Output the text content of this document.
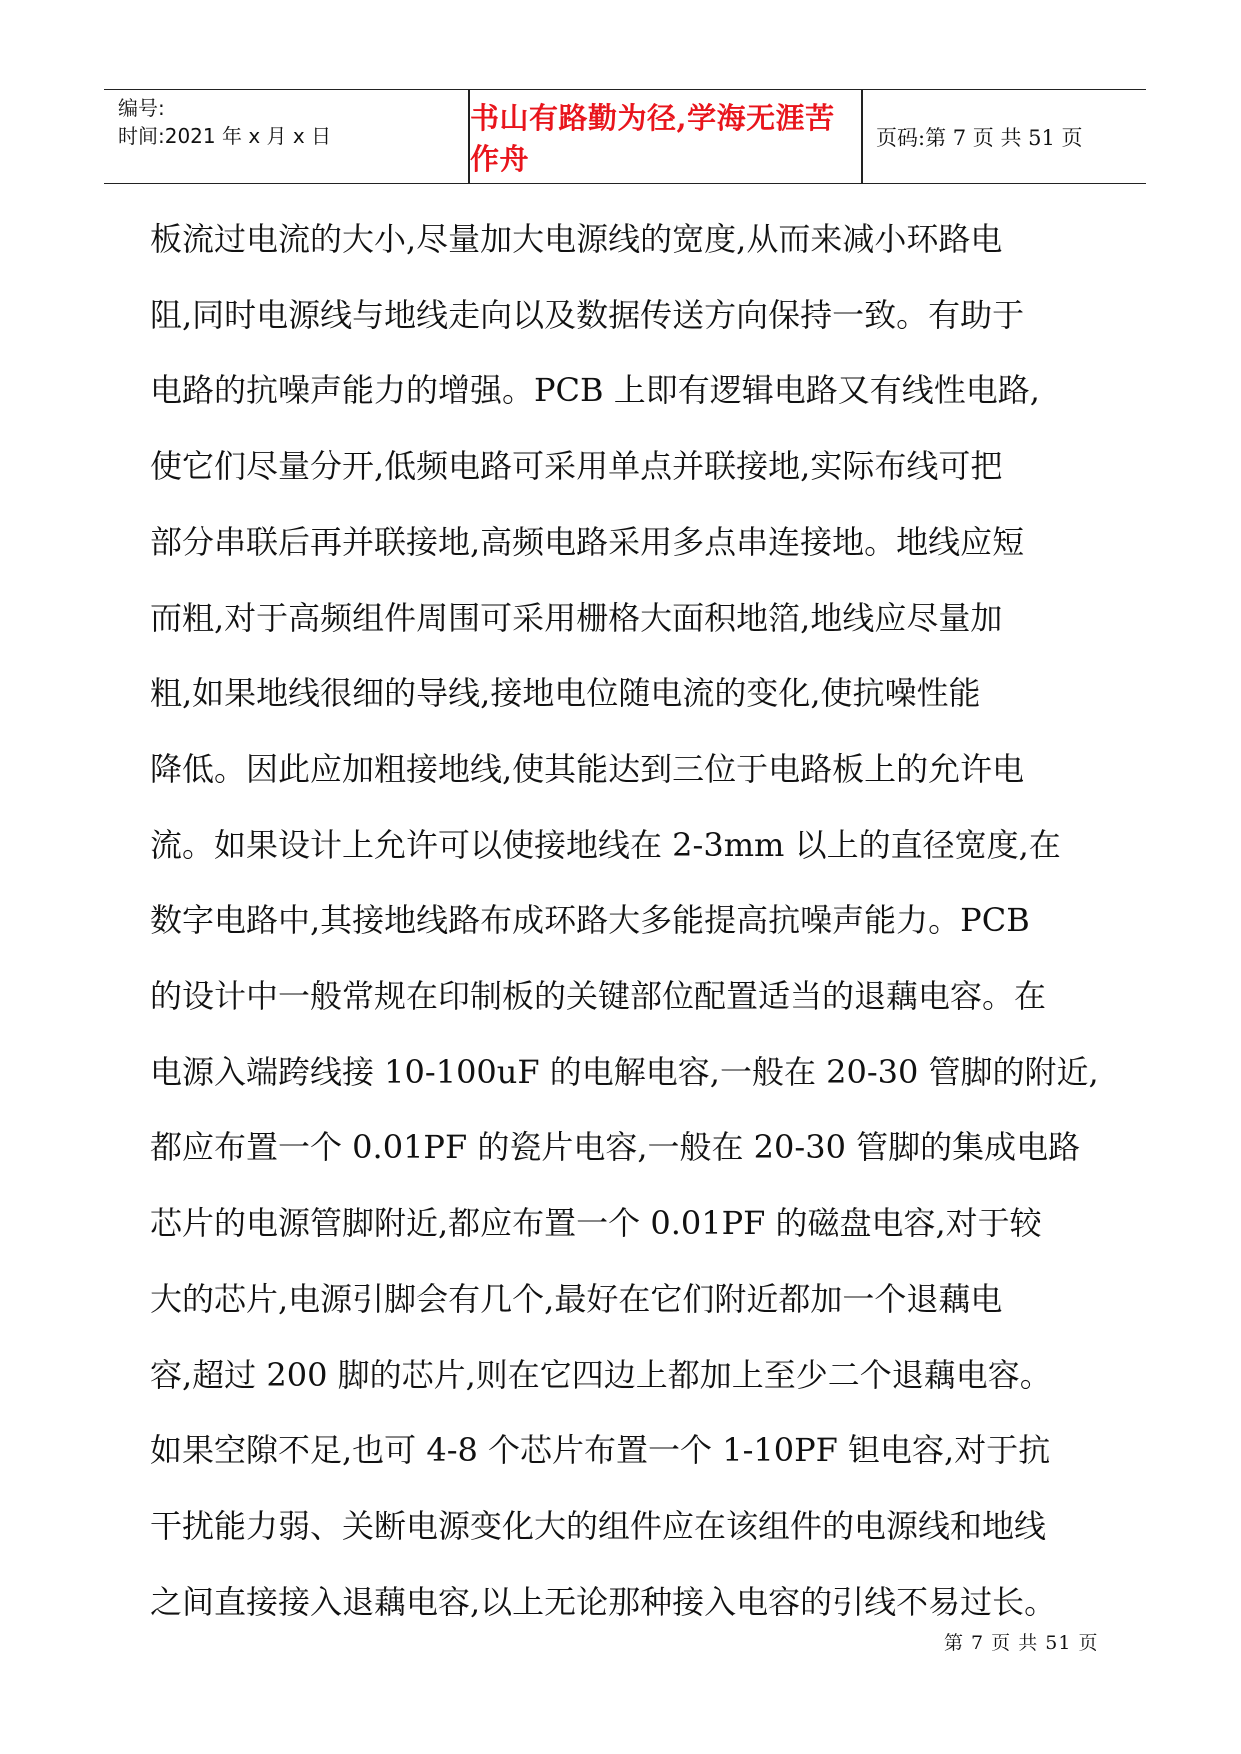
编号:
时间:2021 年 x 月 x 日
书山有路勤为径,学海无涯苦作舟
页码:第 7 页 共 51 页
板流过电流的大小,尽量加大电源线的宽度,从而来减小环路电
阻,同时电源线与地线走向以及数据传送方向保持一致。有助于
电路的抗噪声能力的增强。PCB 上即有逻辑电路又有线性电路,
使它们尽量分开,低频电路可采用单点并联接地,实际布线可把
部分串联后再并联接地,高频电路采用多点串连接地。地线应短
而粗,对于高频组件周围可采用栅格大面积地箔,地线应尽量加
粗,如果地线很细的导线,接地电位随电流的变化,使抗噪性能
降低。因此应加粗接地线,使其能达到三位于电路板上的允许电
流。如果设计上允许可以使接地线在 2-3mm 以上的直径宽度,在
数字电路中,其接地线路布成环路大多能提高抗噪声能力。PCB
的设计中一般常规在印制板的关键部位配置适当的退藕电容。在
电源入端跨线接 10-100uF 的电解电容,一般在 20-30 管脚的附近,
都应布置一个 0.01PF 的瓷片电容,一般在 20-30 管脚的集成电路
芯片的电源管脚附近,都应布置一个 0.01PF 的磁盘电容,对于较
大的芯片,电源引脚会有几个,最好在它们附近都加一个退藕电
容,超过 200 脚的芯片,则在它四边上都加上至少二个退藕电容。
如果空隙不足,也可 4-8 个芯片布置一个 1-10PF 钽电容,对于抗
干扰能力弱、关断电源变化大的组件应在该组件的电源线和地线
之间直接接入退藕电容,以上无论那种接入电容的引线不易过长。
第 7 页 共 51 页
